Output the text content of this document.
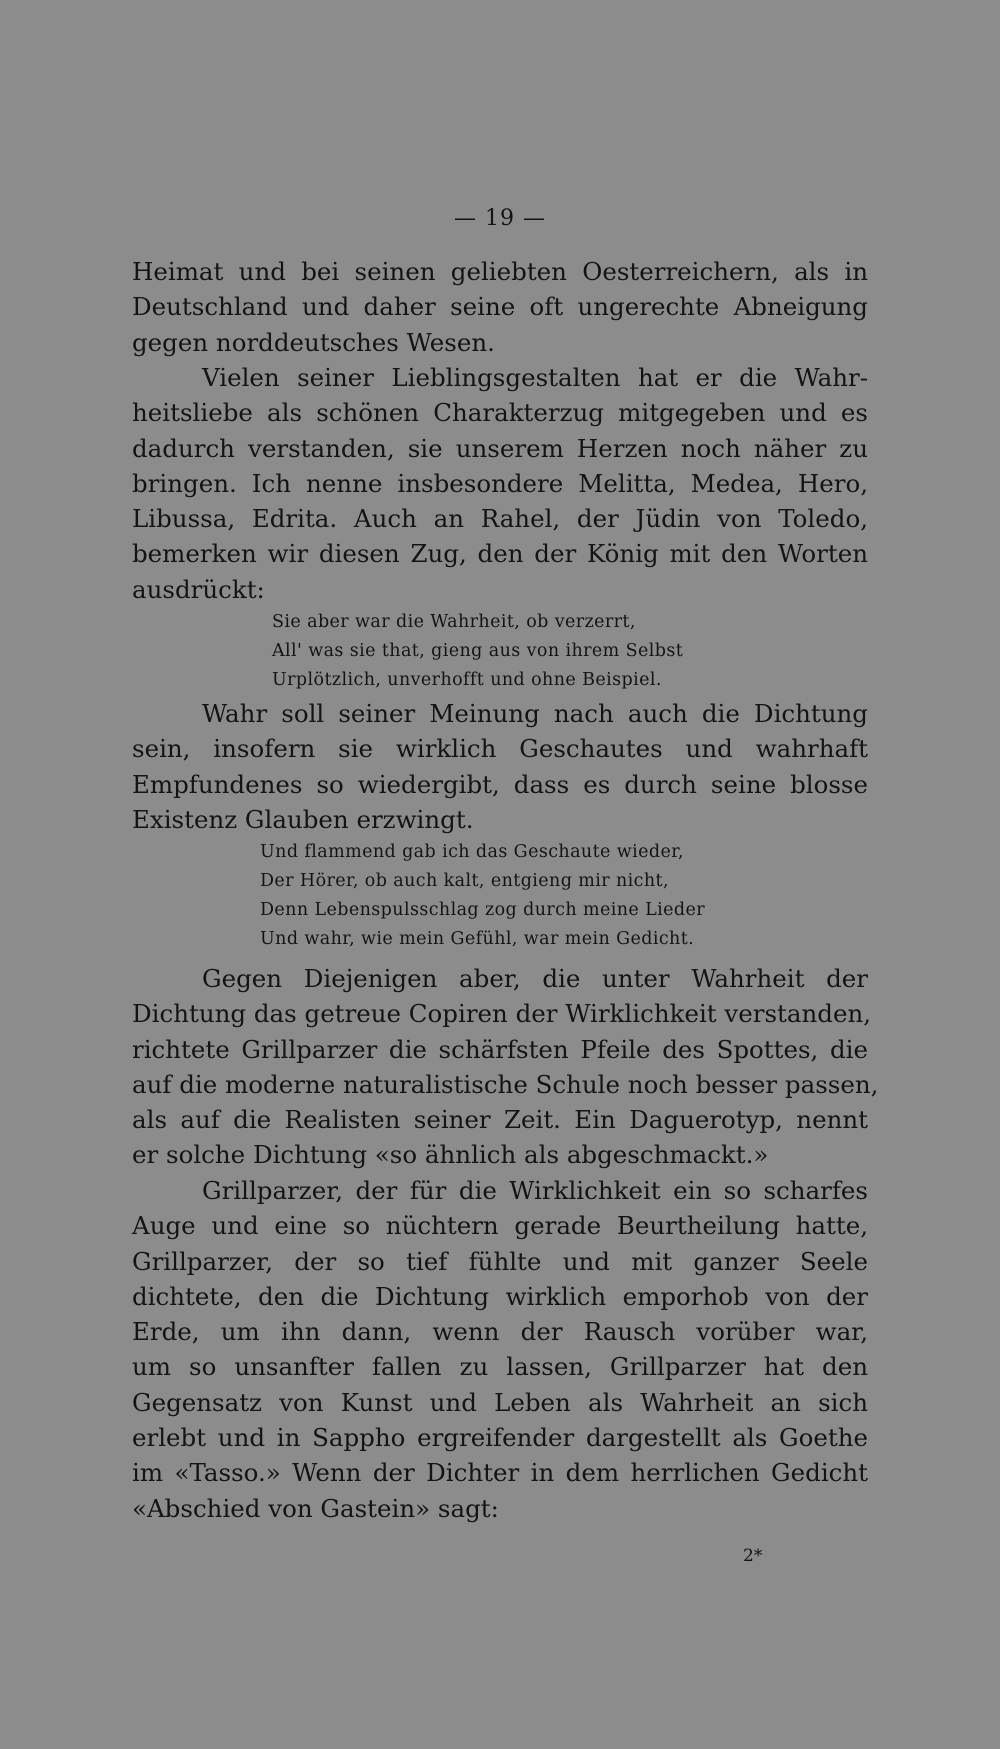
— 19 —
Heimat und bei seinen geliebten Oesterreichern, als in
Deutschland und daher seine oft ungerechte Abneigung
gegen norddeutsches Wesen.
Vielen seiner Lieblingsgestalten hat er die Wahr-
heitsliebe als schönen Charakterzug mitgegeben und es
dadurch verstanden, sie unserem Herzen noch näher zu
bringen. Ich nenne insbesondere Melitta, Medea, Hero,
Libussa, Edrita. Auch an Rahel, der Jüdin von Toledo,
bemerken wir diesen Zug, den der König mit den Worten
ausdrückt:
Sie aber war die Wahrheit, ob verzerrt,
All' was sie that, gieng aus von ihrem Selbst
Urplötzlich, unverhofft und ohne Beispiel.
Wahr soll seiner Meinung nach auch die Dichtung
sein, insofern sie wirklich Geschautes und wahrhaft
Empfundenes so wiedergibt, dass es durch seine blosse
Existenz Glauben erzwingt.
Und flammend gab ich das Geschaute wieder,
Der Hörer, ob auch kalt, entgieng mir nicht,
Denn Lebenspulsschlag zog durch meine Lieder
Und wahr, wie mein Gefühl, war mein Gedicht.
Gegen Diejenigen aber, die unter Wahrheit der
Dichtung das getreue Copiren der Wirklichkeit verstanden,
richtete Grillparzer die schärfsten Pfeile des Spottes, die
auf die moderne naturalistische Schule noch besser passen,
als auf die Realisten seiner Zeit. Ein Daguerotyp, nennt
er solche Dichtung «so ähnlich als abgeschmackt.»
Grillparzer, der für die Wirklichkeit ein so scharfes
Auge und eine so nüchtern gerade Beurtheilung hatte,
Grillparzer, der so tief fühlte und mit ganzer Seele
dichtete, den die Dichtung wirklich emporhob von der
Erde, um ihn dann, wenn der Rausch vorüber war,
um so unsanfter fallen zu lassen, Grillparzer hat den
Gegensatz von Kunst und Leben als Wahrheit an sich
erlebt und in Sappho ergreifender dargestellt als Goethe
im «Tasso.» Wenn der Dichter in dem herrlichen Gedicht
«Abschied von Gastein» sagt:
2*
